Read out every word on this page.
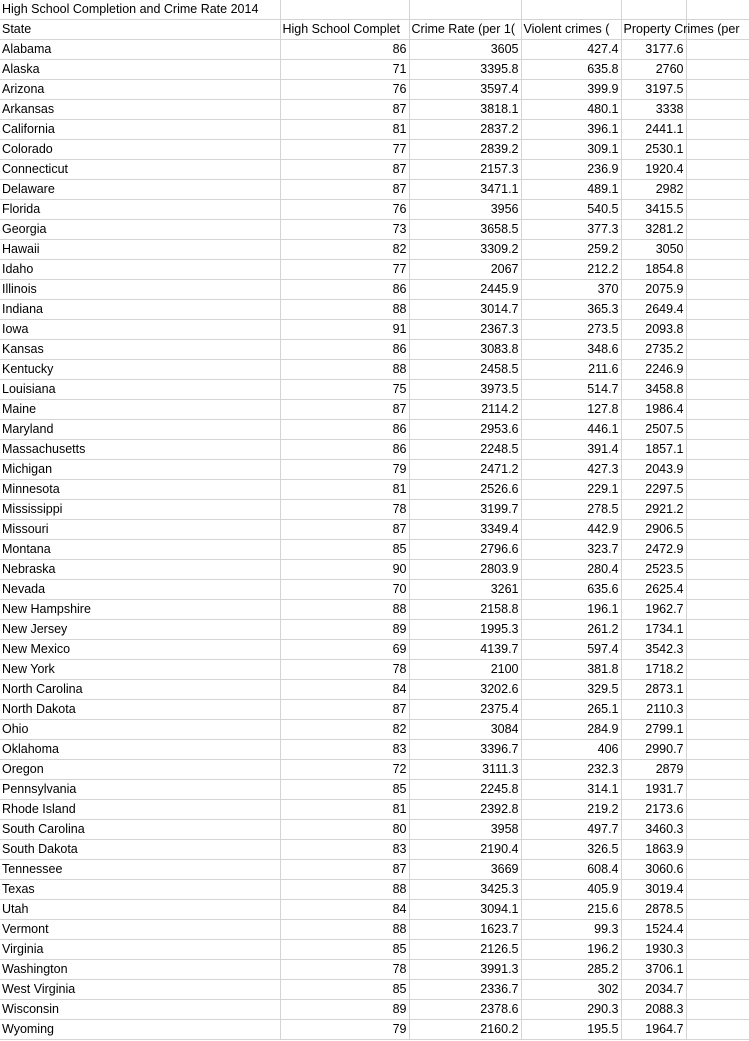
High School Completion and Crime Rate 2014					
State	High School Complet	Crime Rate (per 1(	Violent crimes (	Property Crimes (per	
Alabama	86	3605	427.4	3177.6	
Alaska	71	3395.8	635.8	2760	
Arizona	76	3597.4	399.9	3197.5	
Arkansas	87	3818.1	480.1	3338	
California	81	2837.2	396.1	2441.1	
Colorado	77	2839.2	309.1	2530.1	
Connecticut	87	2157.3	236.9	1920.4	
Delaware	87	3471.1	489.1	2982	
Florida	76	3956	540.5	3415.5	
Georgia	73	3658.5	377.3	3281.2	
Hawaii	82	3309.2	259.2	3050	
Idaho	77	2067	212.2	1854.8	
Illinois	86	2445.9	370	2075.9	
Indiana	88	3014.7	365.3	2649.4	
Iowa	91	2367.3	273.5	2093.8	
Kansas	86	3083.8	348.6	2735.2	
Kentucky	88	2458.5	211.6	2246.9	
Louisiana	75	3973.5	514.7	3458.8	
Maine	87	2114.2	127.8	1986.4	
Maryland	86	2953.6	446.1	2507.5	
Massachusetts	86	2248.5	391.4	1857.1	
Michigan	79	2471.2	427.3	2043.9	
Minnesota	81	2526.6	229.1	2297.5	
Mississippi	78	3199.7	278.5	2921.2	
Missouri	87	3349.4	442.9	2906.5	
Montana	85	2796.6	323.7	2472.9	
Nebraska	90	2803.9	280.4	2523.5	
Nevada	70	3261	635.6	2625.4	
New Hampshire	88	2158.8	196.1	1962.7	
New Jersey	89	1995.3	261.2	1734.1	
New Mexico	69	4139.7	597.4	3542.3	
New York	78	2100	381.8	1718.2	
North Carolina	84	3202.6	329.5	2873.1	
North Dakota	87	2375.4	265.1	2110.3	
Ohio	82	3084	284.9	2799.1	
Oklahoma	83	3396.7	406	2990.7	
Oregon	72	3111.3	232.3	2879	
Pennsylvania	85	2245.8	314.1	1931.7	
Rhode Island	81	2392.8	219.2	2173.6	
South Carolina	80	3958	497.7	3460.3	
South Dakota	83	2190.4	326.5	1863.9	
Tennessee	87	3669	608.4	3060.6	
Texas	88	3425.3	405.9	3019.4	
Utah	84	3094.1	215.6	2878.5	
Vermont	88	1623.7	99.3	1524.4	
Virginia	85	2126.5	196.2	1930.3	
Washington	78	3991.3	285.2	3706.1	
West Virginia	85	2336.7	302	2034.7	
Wisconsin	89	2378.6	290.3	2088.3	
Wyoming	79	2160.2	195.5	1964.7	
